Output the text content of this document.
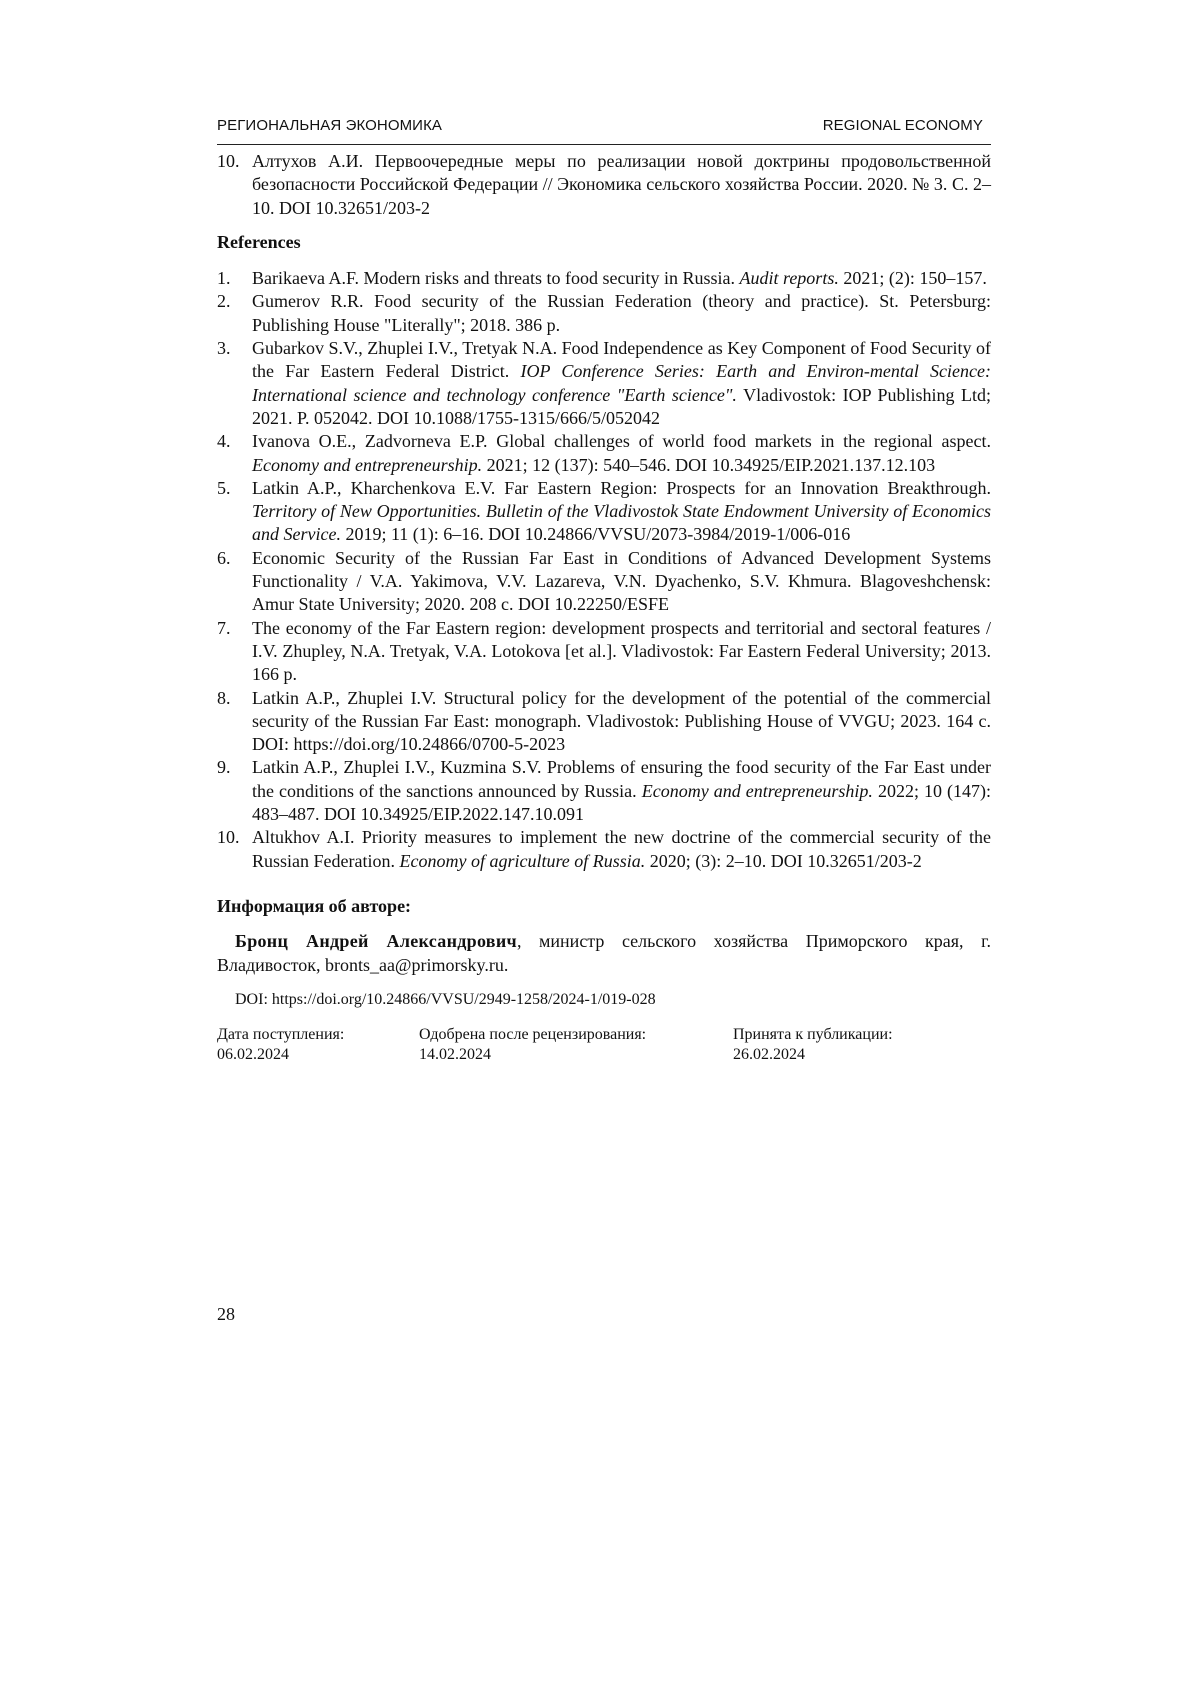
РЕГИОНАЛЬНАЯ ЭКОНОМИКА	REGIONAL ECONOMY
10. Алтухов А.И. Первоочередные меры по реализации новой доктрины продовольственной безопасности Российской Федерации // Экономика сельского хозяйства России. 2020. № 3. С. 2–10. DOI 10.32651/203-2
References
1. Barikaeva A.F. Modern risks and threats to food security in Russia. Audit reports. 2021; (2): 150–157.
2. Gumerov R.R. Food security of the Russian Federation (theory and practice). St. Petersburg: Publishing House "Literally"; 2018. 386 p.
3. Gubarkov S.V., Zhuplei I.V., Tretyak N.A. Food Independence as Key Component of Food Security of the Far Eastern Federal District. IOP Conference Series: Earth and Environ-mental Science: International science and technology conference "Earth science". Vladivostok: IOP Publishing Ltd; 2021. P. 052042. DOI 10.1088/1755-1315/666/5/052042
4. Ivanova O.E., Zadvorneva E.P. Global challenges of world food markets in the regional aspect. Economy and entrepreneurship. 2021; 12 (137): 540–546. DOI 10.34925/EIP.2021.137.12.103
5. Latkin A.P., Kharchenkova E.V. Far Eastern Region: Prospects for an Innovation Breakthrough. Territory of New Opportunities. Bulletin of the Vladivostok State Endowment University of Economics and Service. 2019; 11 (1): 6–16. DOI 10.24866/VVSU/2073-3984/2019-1/006-016
6. Economic Security of the Russian Far East in Conditions of Advanced Development Systems Functionality / V.A. Yakimova, V.V. Lazareva, V.N. Dyachenko, S.V. Khmura. Blagoveshchensk: Amur State University; 2020. 208 c. DOI 10.22250/ESFE
7. The economy of the Far Eastern region: development prospects and territorial and sectoral features / I.V. Zhupley, N.A. Tretyak, V.A. Lotokova [et al.]. Vladivostok: Far Eastern Federal University; 2013. 166 p.
8. Latkin A.P., Zhuplei I.V. Structural policy for the development of the potential of the commercial security of the Russian Far East: monograph. Vladivostok: Publishing House of VVGU; 2023. 164 c. DOI: https://doi.org/10.24866/0700-5-2023
9. Latkin A.P., Zhuplei I.V., Kuzmina S.V. Problems of ensuring the food security of the Far East under the conditions of the sanctions announced by Russia. Economy and entrepreneurship. 2022; 10 (147): 483–487. DOI 10.34925/EIP.2022.147.10.091
10. Altukhov A.I. Priority measures to implement the new doctrine of the commercial security of the Russian Federation. Economy of agriculture of Russia. 2020; (3): 2–10. DOI 10.32651/203-2
Информация об авторе:
Бронц Андрей Александрович, министр сельского хозяйства Приморского края, г. Владивосток, bronts_aa@primorsky.ru.
DOI: https://doi.org/10.24866/VVSU/2949-1258/2024-1/019-028
Дата поступления:
06.02.2024
Одобрена после рецензирования:
14.02.2024
Принята к публикации:
26.02.2024
28
